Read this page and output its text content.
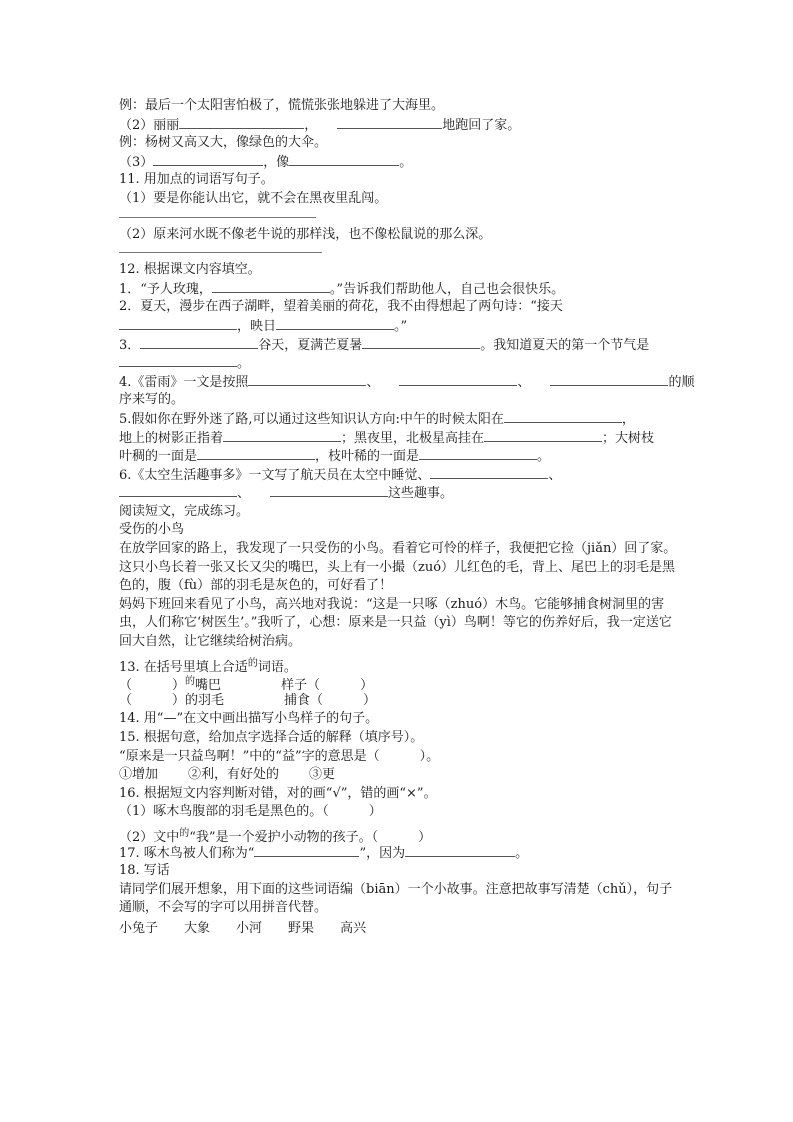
例：最后一个太阳害怕极了，慌慌张张地躲进了大海里。
（2）丽丽	，	地跑回了家。
例：杨树又高又大，像绿色的大伞。
（3）	，像	。
11. 用加点的词语写句子。
（1）要是你能认出它，就不会在黑夜里乱闯。
（2）原来河水既不像老牛说的那样浅，也不像松鼠说的那么深。
12. 根据课文内容填空。
1．“予人玫瑰，	。”告诉我们帮助他人，自己也会很快乐。
2．夏天，漫步在西子湖畔，望着美丽的荷花，我不由得想起了两句诗：“接天
，映日	。”
3．	谷天，夏满芒夏暑	。我知道夏天的第一个节气是
。
4.《雷雨》一文是按照	、	、	的顺
序来写的。
5.假如你在野外迷了路,可以通过这些知识认方向:中午的时候太阳在	，
地上的树影正指着	；黑夜里，北极星高挂在	；大树枝
叶稠的一面是	，枝叶稀的一面是	。
6.《太空生活趣事多》一文写了航天员在太空中睡觉、	、
、	这些趣事。
阅读短文，完成练习。
受伤的小鸟
在放学回家的路上，我发现了一只受伤的小鸟。看着它可怜的样子，我便把它捡（jiǎn）回了家。这只小鸟长着一张又长又尖的嘴巴，头上有一小撮（zuó）儿红色的毛，背上、尾巴上的羽毛是黑色的，腹（fù）部的羽毛是灰色的，可好看了！
妈妈下班回来看见了小鸟，高兴地对我说：“这是一只啄（zhuó）木鸟。它能够捕食树洞里的害虫，人们称它‘树医生’。”我听了，心想：原来是一只益（yì）鸟啊！等它的伤养好后，我一定送它回大自然，让它继续给树治病。
13. 在括号里填上合适$^的$词语。
（	）$^的$嘴巴	样子（	）
（	）的羽毛	捕食（	）
14. 用“—”在文中画出描写小鸟样子的句子。
15. 根据句意，给加点字选择合适的解释（填序号）。
“原来是一只益鸟啊！”中的“益”字的意思是（	）。
①增加 ②利，有好处的 ③更
16. 根据短文内容判断对错，对的画“√”，错的画“×”。
（1）啄木鸟腹部的羽毛是黑色的。（	）
（2）文中$^的$“我”是一个爱护小动物的孩子。（	）
17. 啄木鸟被人们称为“	”，因为	。
18. 写话
请同学们展开想象，用下面的这些词语编（biān）一个小故事。注意把故事写清楚（chǔ），句子通顺，不会写的字可以用拼音代替。
小兔子 大象 小河 野果 高兴
